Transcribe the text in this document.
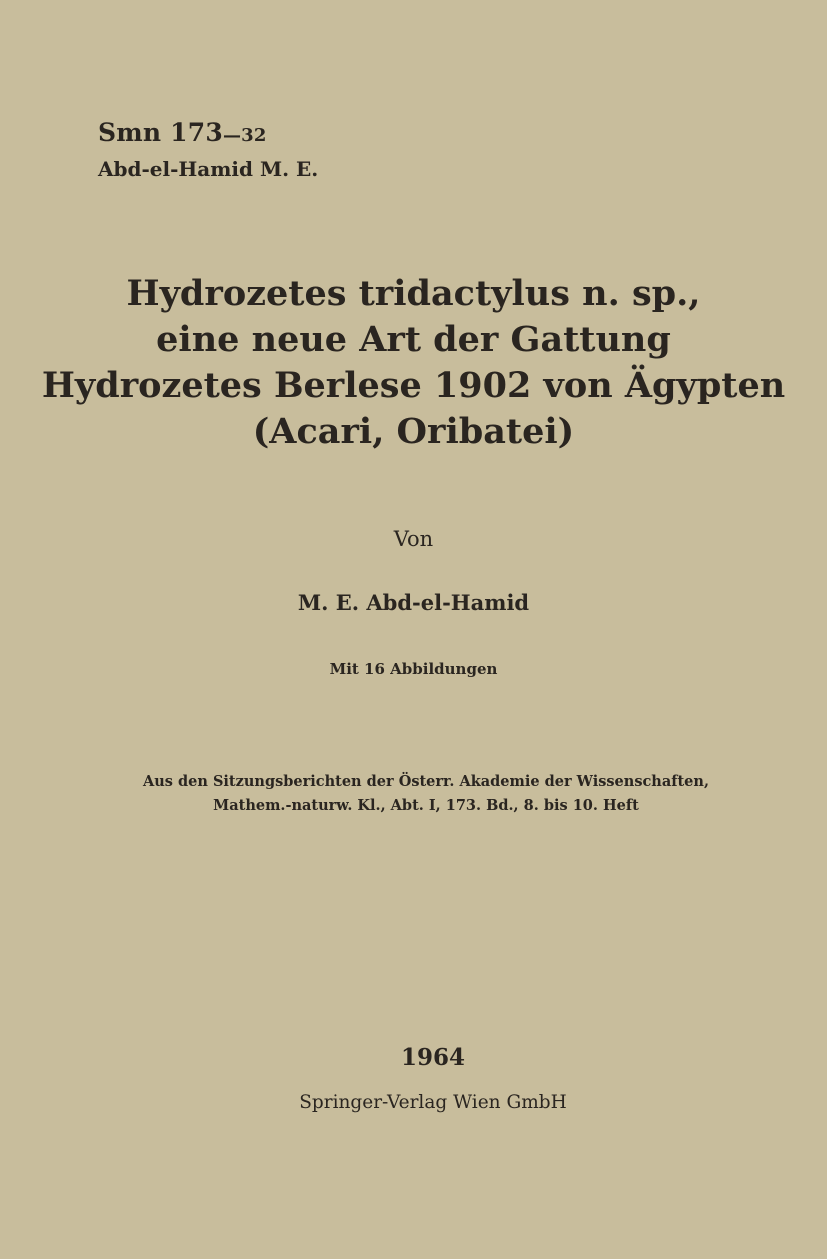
Smn 173—32
Abd-el-Hamid M. E.
Hydrozetes tridactylus n. sp.,
eine neue Art der Gattung
Hydrozetes Berlese 1902 von Ägypten
(Acari, Oribatei)
Von
M. E. Abd-el-Hamid
Mit 16 Abbildungen
Aus den Sitzungsberichten der Österr. Akademie der Wissenschaften,
Mathem.-naturw. Kl., Abt. I, 173. Bd., 8. bis 10. Heft
1964
Springer-Verlag Wien GmbH
